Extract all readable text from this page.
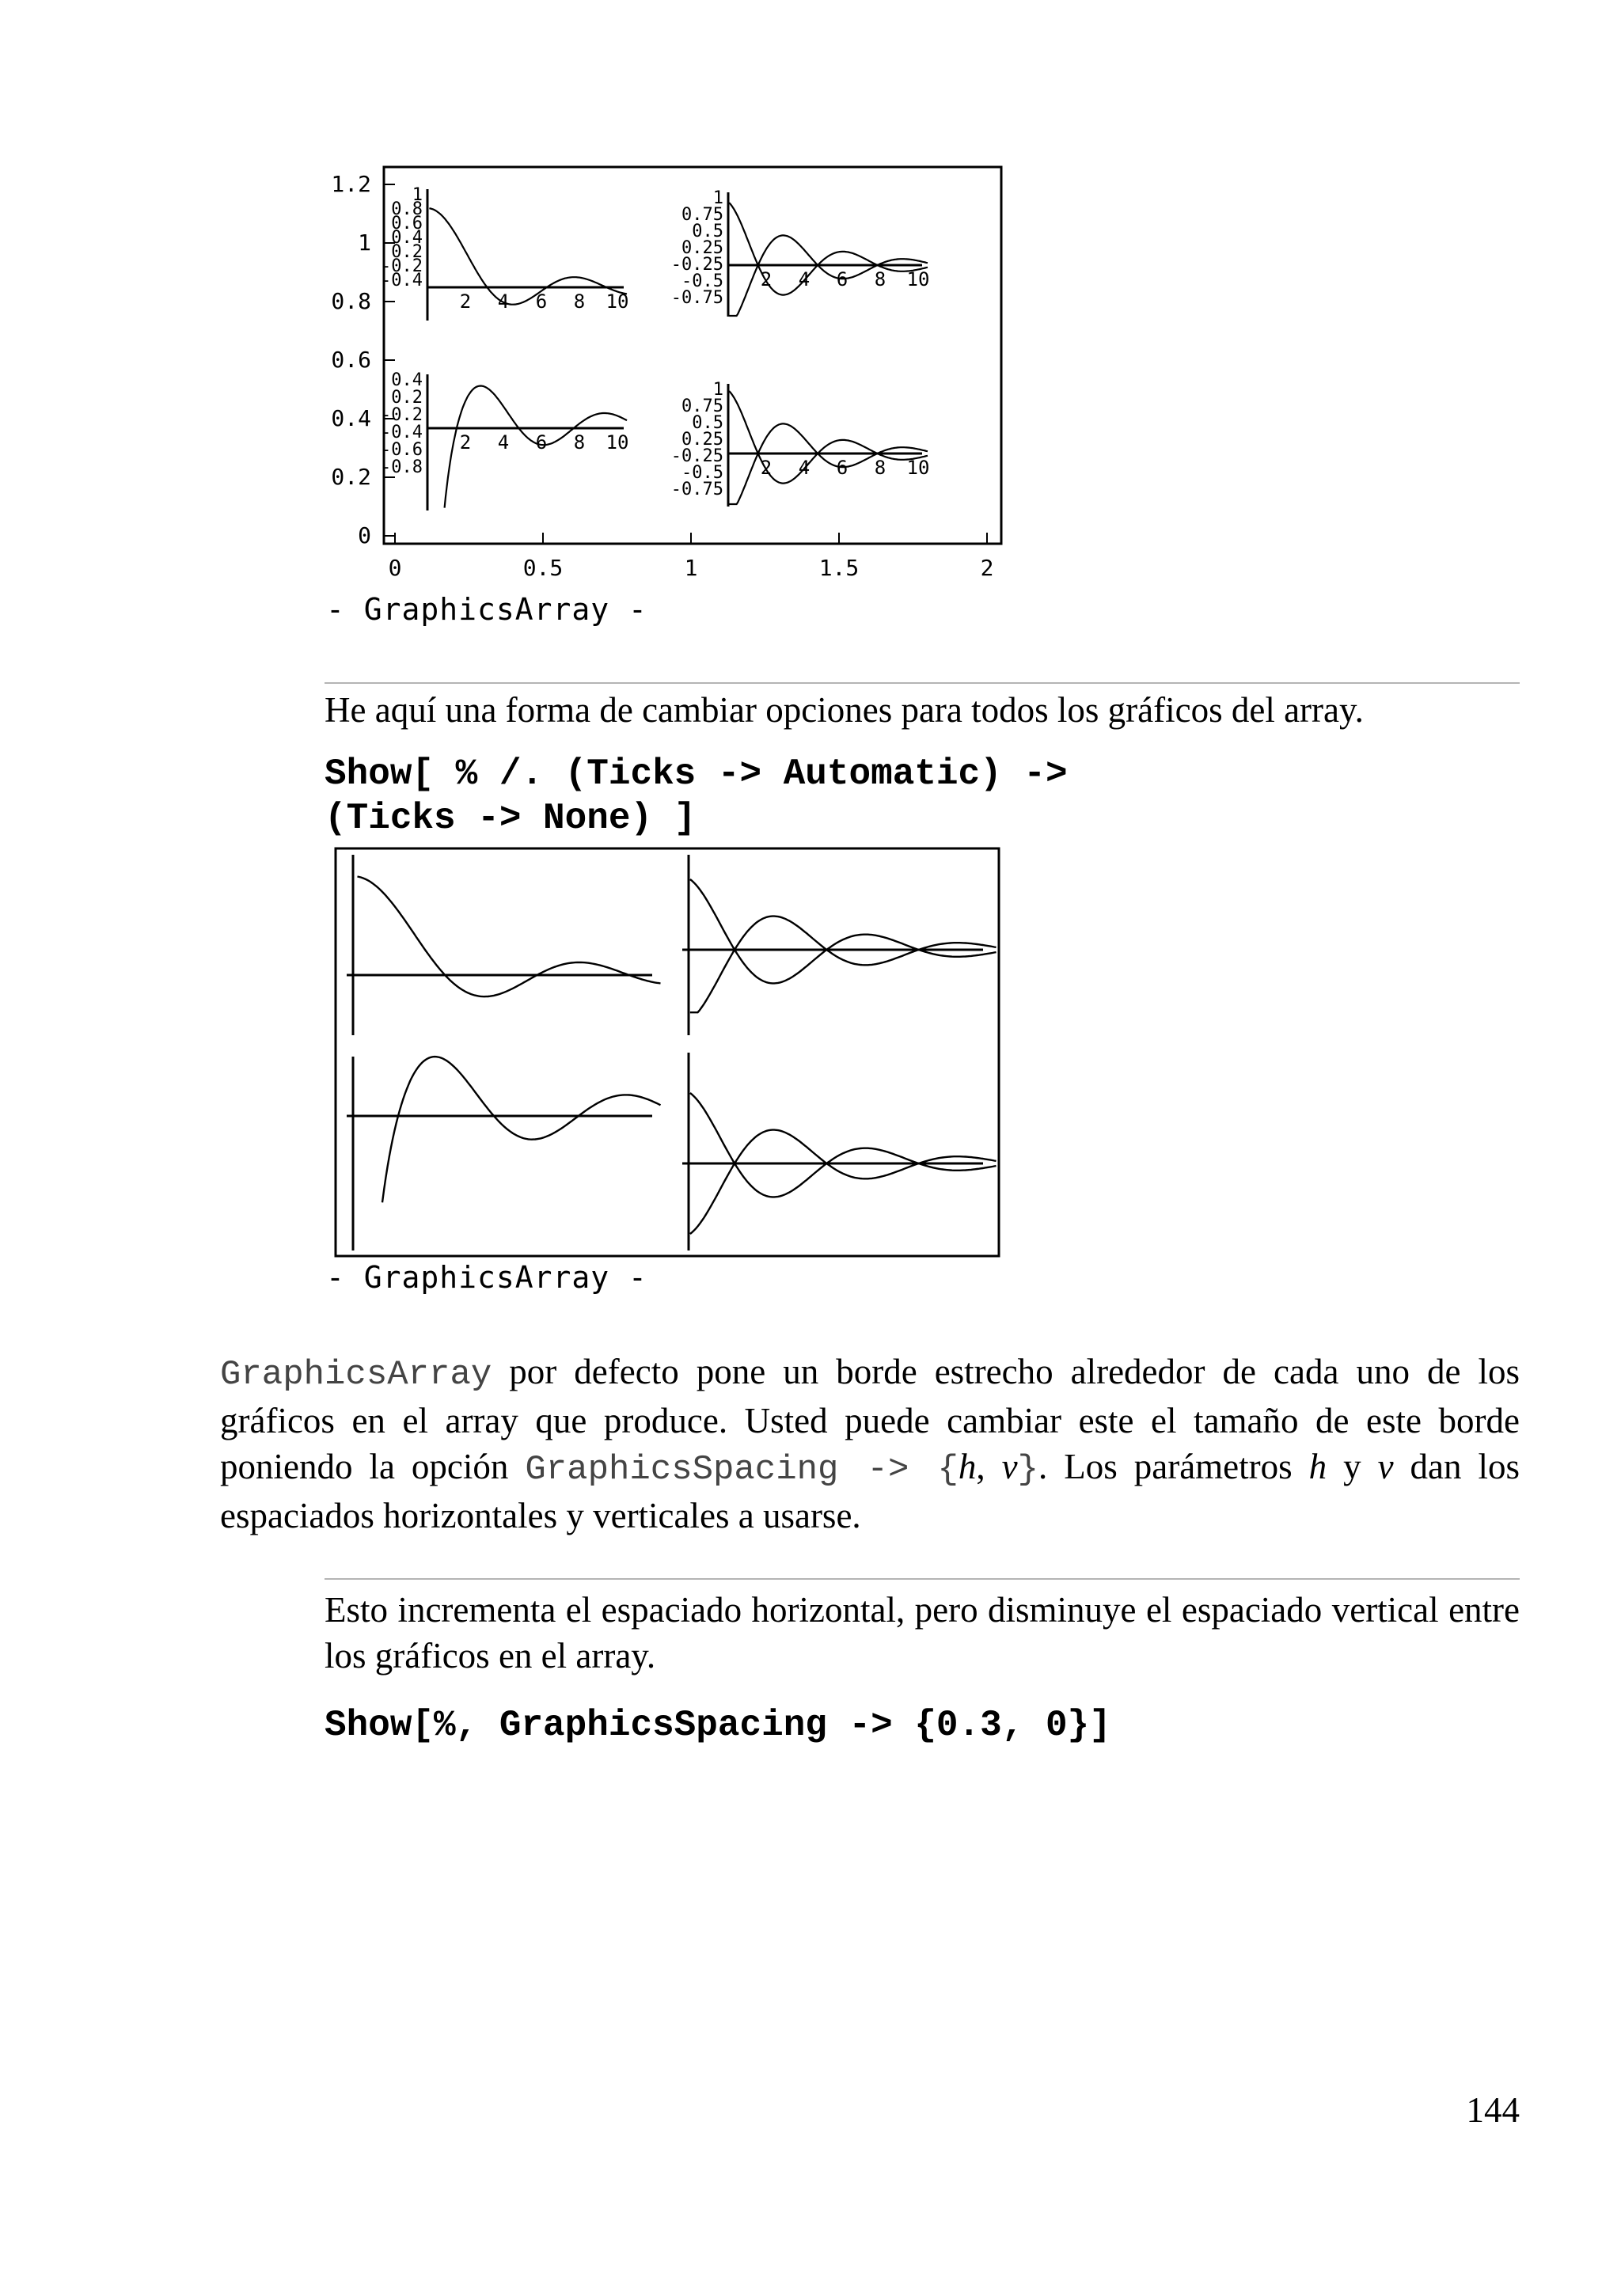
1.2
1
0.8
0.6
0.4
0.2
0
0	0.5	1	1.5	2
1
0.8
0.6
0.4
0.2
-0.2
-0.4
2 4 6 8 10
1
0.75
0.5
0.25
-0.25
-0.5
-0.75
2 4 6 8 10
0.4
0.2
-0.2
-0.4
-0.6
-0.8
2 4 6 8 10
1
0.75
0.5
0.25
-0.25
-0.5
-0.75
2 4 6 8 10

- GraphicsArray -

He aquí una forma de cambiar opciones para todos los gráficos del array.

Show[ % /. (Ticks -> Automatic) ->
(Ticks -> None) ]

- GraphicsArray -

GraphicsArray por defecto pone un borde estrecho alrededor de cada uno de los gráficos en el array que produce. Usted puede cambiar este el tamaño de este borde poniendo la opción GraphicsSpacing -> {h, v}. Los parámetros h y v dan los espaciados horizontales y verticales a usarse.

Esto incrementa el espaciado horizontal, pero disminuye el espaciado vertical entre los gráficos en el array.

Show[%, GraphicsSpacing -> {0.3, 0}]

144
